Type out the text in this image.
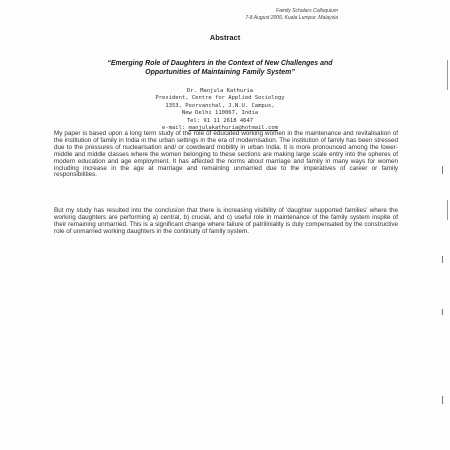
Family Scholars Colloquium
7-8 August 2006, Kuala Lumpur, Malaysia
Abstract
“Emerging Role of Daughters in the Context of New Challenges and
Opportunities of Maintaining Family System”
Dr. Manjula Kathuria
President, Centre for Applied Sociology
1353, Poorvanchal, J.N.U. Campus,
New Delhi 110067, India
Tel: 91 11 2618 4647
e-mail: manjulakathuria@hotmail.com
My paper is based upon a long term study of the role of educated working women in the maintenance and revitalisation of the institution of family in India in the urban settings in the era of modernisation. The institution of family has been stressed due to the pressures of nuclearisation and/ or cowdward mobility in urban India. It is more pronounced among the lower-middle and middle classes where the women belonging to these sections are making large scale entry into the spheres of modern education and age employment. It has affected the norms about marriage and family in many ways for women including increase in the age at marriage and remaining unmarried due to the imperatives of career or family responsibilities.
But my study has resulted into the conclusion that there is increasing visibility of 'daughter supported families' where the working daughters are performing a) central, b) crucial, and c) useful role in maintenance of the family system inspite of their remaining unmarried. This is a significant change where failure of patriliniality is duly compensated by the constructive role of unmarried working daughters in the continuity of family system.
